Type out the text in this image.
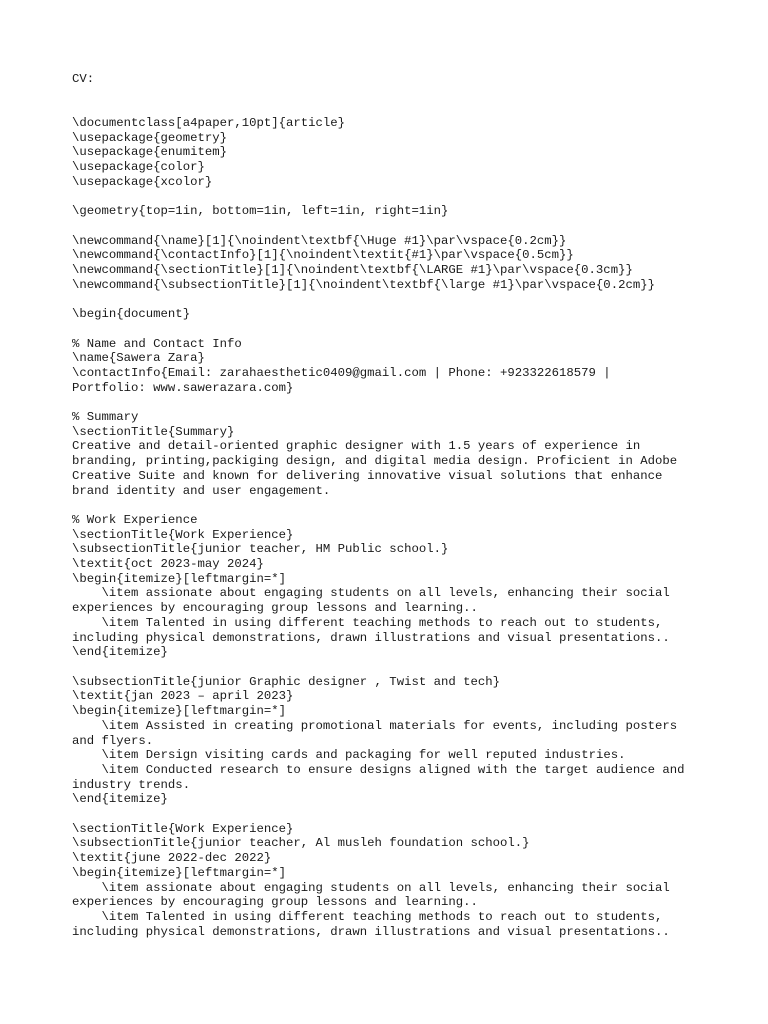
CV:
\documentclass[a4paper,10pt]{article}
\usepackage{geometry}
\usepackage{enumitem}
\usepackage{color}
\usepackage{xcolor}
\geometry{top=1in, bottom=1in, left=1in, right=1in}
\newcommand{\name}[1]{\noindent\textbf{\Huge #1}\par\vspace{0.2cm}}
\newcommand{\contactInfo}[1]{\noindent\textit{#1}\par\vspace{0.5cm}}
\newcommand{\sectionTitle}[1]{\noindent\textbf{\LARGE #1}\par\vspace{0.3cm}}
\newcommand{\subsectionTitle}[1]{\noindent\textbf{\large #1}\par\vspace{0.2cm}}
\begin{document}
% Name and Contact Info
\name{Sawera Zara}
\contactInfo{Email: zarahaesthetic0409@gmail.com | Phone: +923322618579 |
Portfolio: www.sawerazara.com}
% Summary
\sectionTitle{Summary}
Creative and detail-oriented graphic designer with 1.5 years of experience in
branding, printing,packiging design, and digital media design. Proficient in Adobe
Creative Suite and known for delivering innovative visual solutions that enhance
brand identity and user engagement.
% Work Experience
\sectionTitle{Work Experience}
\subsectionTitle{junior teacher, HM Public school.}
\textit{oct 2023-may 2024}
\begin{itemize}[leftmargin=*]
\item assionate about engaging students on all levels, enhancing their social
experiences by encouraging group lessons and learning..
\item Talented in using different teaching methods to reach out to students,
including physical demonstrations, drawn illustrations and visual presentations..
\end{itemize}
\subsectionTitle{junior Graphic designer , Twist and tech}
\textit{jan 2023 – april 2023}
\begin{itemize}[leftmargin=*]
\item Assisted in creating promotional materials for events, including posters
and flyers.
\item Dersign visiting cards and packaging for well reputed industries.
\item Conducted research to ensure designs aligned with the target audience and
industry trends.
\end{itemize}
\sectionTitle{Work Experience}
\subsectionTitle{junior teacher, Al musleh foundation school.}
\textit{june 2022-dec 2022}
\begin{itemize}[leftmargin=*]
\item assionate about engaging students on all levels, enhancing their social
experiences by encouraging group lessons and learning..
\item Talented in using different teaching methods to reach out to students,
including physical demonstrations, drawn illustrations and visual presentations..
